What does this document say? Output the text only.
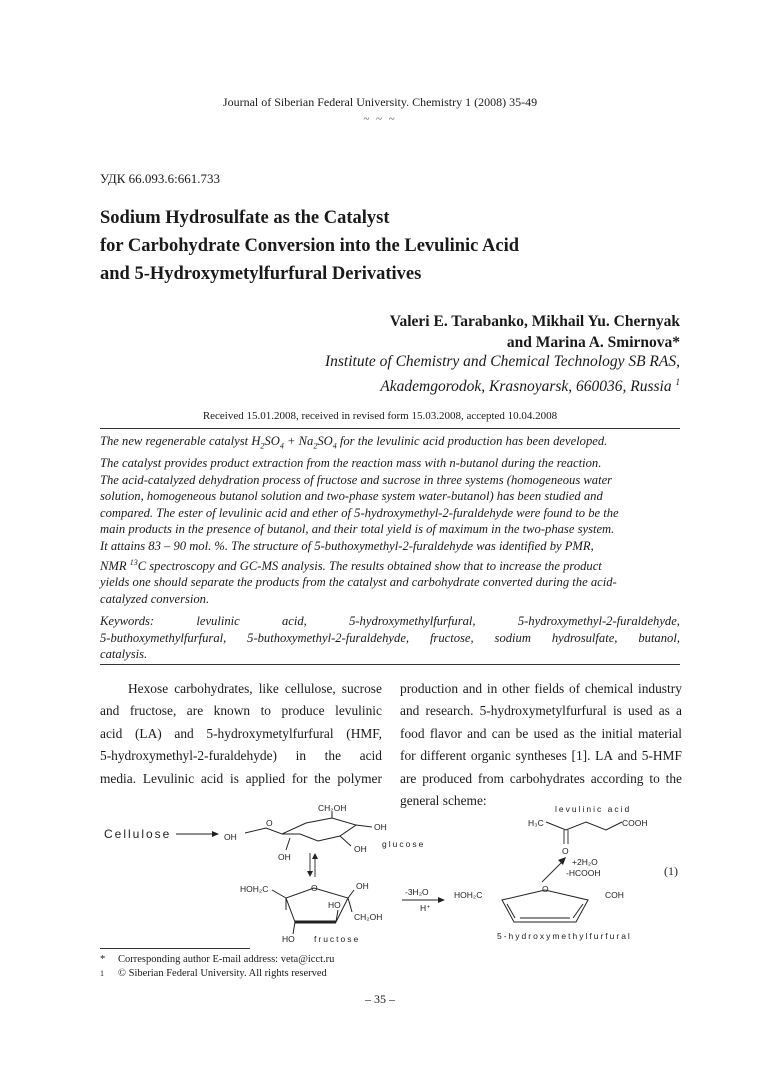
Journal of Siberian Federal University. Chemistry 1 (2008) 35-49
~ ~ ~
УДК 66.093.6:661.733
Sodium Hydrosulfate as the Catalyst
for Carbohydrate Conversion into the Levulinic Acid
and 5-Hydroxymetylfurfural Derivatives
Valeri E. Tarabanko, Mikhail Yu. Chernyak
and Marina A. Smirnova*
Institute of Chemistry and Chemical Technology SB RAS,
Akademgorodok, Krasnoyarsk, 660036, Russia $^1$
Received 15.01.2008, received in revised form 15.03.2008, accepted 10.04.2008
The new regenerable catalyst $H_2SO_4 + Na_2SO_4$ for the levulinic acid production has been developed.
The catalyst provides product extraction from the reaction mass with n-butanol during the reaction.
The acid-catalyzed dehydration process of fructose and sucrose in three systems (homogeneous water
solution, homogeneous butanol solution and two-phase system water-butanol) has been studied and
compared. The ester of levulinic acid and ether of 5-hydroxymethyl-2-furaldehyde were found to be the
main products in the presence of butanol, and their total yield is of maximum in the two-phase system.
It attains 83 – 90 mol. %. The structure of 5-buthoxymethyl-2-furaldehyde was identified by PMR,
NMR $^{13}$C spectroscopy and GC-MS analysis. The results obtained show that to increase the product
yields one should separate the products from the catalyst and carbohydrate converted during the acid-
catalyzed conversion.
Keywords:	levulinic	acid,	5-hydroxymethylfurfural,	5-hydroxymethyl-2-furaldehyde,
5-buthoxymethylfurfural, 5-buthoxymethyl-2-furaldehyde, fructose, sodium hydrosulfate, butanol,
catalysis.
Hexose carbohydrates, like cellulose, sucrose
and fructose, are known to produce levulinic
acid (LA) and 5-hydroxymetylfurfural (HMF,
5-hydroxymethyl-2-furaldehyde) in the acid
media. Levulinic acid is applied for the polymer
production and in other fields of chemical industry
and research. 5-hydroxymetylfurfural is used as a
food flavor and can be used as the initial material
for different organic syntheses [1]. LA and 5-HMF
are produced from carbohydrates according to the
general scheme:
Cellulose	OH
O
CH₂OH
OH
OH
OH
glucose
HOH₂C	O	OH
HO
CH₂OH
HO fructose
-3H₂O
H⁺
HOH₂C
O
COH
5-hydroxymethylfurfural
+2H₂O
-HCOOH	(1)
levulinic acid
H₃C	COOH
O
* Corresponding author E-mail address: veta@icct.ru
1 © Siberian Federal University. All rights reserved
– 35 –
